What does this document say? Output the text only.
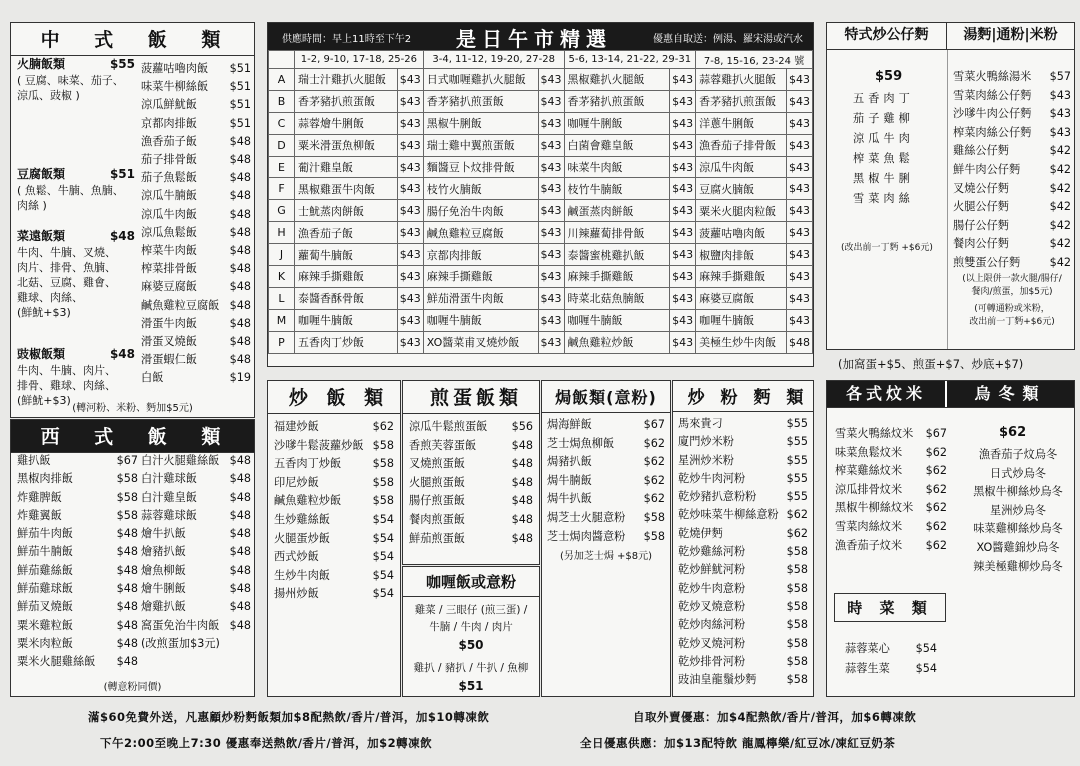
中 式 飯 類
火腩飯類	$55
( 豆腐、味菜、茄子、
涼瓜、豉椒 )
豆腐飯類	$51
( 魚鬆、牛腩、魚腩、
肉絲 )
菜遠飯類	$48
牛肉、牛腩、叉燒、
肉片、排骨、魚腩、
北菇、豆腐、雞會、
雞球、肉絲、
(鮮魷+$3)
豉椒飯類	$48
牛肉、牛腩、肉片、
排骨、雞球、肉絲、
(鮮魷+$3)
菠蘿咕嚕肉飯 $51
味菜牛柳絲飯 $51
涼瓜鮮魷飯	$51
京都肉排飯	$51
漁香茄子飯	$48
茄子排骨飯	$48
茄子魚鬆飯	$48
涼瓜牛腩飯	$48
涼瓜牛肉飯	$48
涼瓜魚鬆飯	$48
榨菜牛肉飯	$48
榨菜排骨飯	$48
麻婆豆腐飯	$48
鹹魚雞粒豆腐飯 $48
滑蛋牛肉飯	$48
滑蛋叉燒飯	$48
滑蛋蝦仁飯	$48
白飯	$19
(轉河粉、米粉、麪加$5元)
西 式 飯 類
雞扒飯	$67
黑椒肉排飯	$58
炸雞脾飯	$58
炸雞翼飯	$58
鮮茄牛肉飯	$48
鮮茄牛腩飯	$48
鮮茄雞絲飯	$48
鮮茄雞球飯	$48
鮮茄叉燒飯	$48
粟米雞粒飯	$48
粟米肉粒飯	$48
粟米火腿雞絲飯 $48
白汁火腿雞絲飯 $48
白汁雞球飯	$48
白汁雞皇飯	$48
蒜蓉雞球飯	$48
燴牛扒飯	$48
燴豬扒飯	$48
燴魚柳飯	$48
燴牛脷飯	$48
燴雞扒飯	$48
窩蛋免治牛肉飯 $48
(改煎蛋加$3元)
(轉意粉同價)
供應時間：早上11時至下午2 是日午市精選	優惠自取送：例湯、羅宋湯或汽水
	1-2, 9-10, 17-18, 25-26		3-4, 11-12, 19-20, 27-28		5-6, 13-14, 21-22, 29-31		7-8, 15-16, 23-24 號	
A	瑞士汁雞扒火腿飯	$43	日式咖喱雞扒火腿飯	$43	黑椒雞扒火腿飯	$43	蒜蓉雞扒火腿飯	$43
B	香茅豬扒煎蛋飯	$43	香茅豬扒煎蛋飯	$43	香茅豬扒煎蛋飯	$43	香茅豬扒煎蛋飯	$43
C	蒜蓉燴牛脷飯	$43	黑椒牛脷飯	$43	咖喱牛脷飯	$43	洋蔥牛脷飯	$43
D	粟米滑蛋魚柳飯	$43	瑞士雞中翼煎蛋飯	$43	白菌會雞皇飯	$43	漁香茄子排骨飯	$43
E	葡汁雞皇飯	$43	麵醬豆卜炆排骨飯	$43	味菜牛肉飯	$43	涼瓜牛肉飯	$43
F	黑椒雞蛋牛肉飯	$43	枝竹火腩飯	$43	枝竹牛腩飯	$43	豆腐火腩飯	$43
G	士魷蒸肉餅飯	$43	腸仔免治牛肉飯	$43	鹹蛋蒸肉餅飯	$43	粟米火腿肉粒飯	$43
H	漁香茄子飯	$43	鹹魚雞粒豆腐飯	$43	川辣蘿蔔排骨飯	$43	菠蘿咕嚕肉飯	$43
J	蘿蔔牛腩飯	$43	京都肉排飯	$43	泰醬蜜桃雞扒飯	$43	椒鹽肉排飯	$43
K	麻辣手撕雞飯	$43	麻辣手撕雞飯	$43	麻辣手撕雞飯	$43	麻辣手撕雞飯	$43
L	泰醬香酥骨飯	$43	鮮茄滑蛋牛肉飯	$43	時菜北菇魚腩飯	$43	麻婆豆腐飯	$43
M	咖喱牛腩飯	$43	咖喱牛腩飯	$43	咖喱牛腩飯	$43	咖喱牛腩飯	$43
P	五香肉丁炒飯	$43	XO醬菜甫叉燒炒飯	$43	鹹魚雞粒炒飯	$43	美極生炒牛肉飯	$48
炒 飯 類
福建炒飯	$62
沙嗲牛鬆菠蘿炒飯 $58
五香肉丁炒飯	$58
印尼炒飯	$58
鹹魚雞粒炒飯	$58
生炒雞絲飯	$54
火腿蛋炒飯	$54
西式炒飯	$54
生炒牛肉飯	$54
揚州炒飯	$54
煎蛋飯類
涼瓜牛鬆煎蛋飯 $56
香煎芙蓉蛋飯	$48
叉燒煎蛋飯	$48
火腿煎蛋飯	$48
腸仔煎蛋飯	$48
餐肉煎蛋飯	$48
鮮茄煎蛋飯	$48
咖喱飯或意粉
雞菜 / 三眼仔 (煎三蛋) /
牛腩 / 牛肉 / 肉片
$50
雞扒 / 豬扒 / 牛扒 / 魚柳
$51
焗飯類(意粉)
焗海鮮飯	$67
芝士焗魚柳飯	$62
焗豬扒飯	$62
焗牛腩飯	$62
焗牛扒飯	$62
焗芝士火腿意粉 $58
芝士焗肉醬意粉 $58
(另加芝士焗 +$8元)
炒 粉 麪 類
馬來貴刁	$55
廈門炒米粉	$55
星洲炒米粉	$55
乾炒牛肉河粉	$55
乾炒豬扒意粉粉	$55
乾炒味菜牛柳絲意粉 $62
乾燒伊麪	$62
乾炒雞絲河粉	$58
乾炒鮮魷河粉	$58
乾炒牛肉意粉	$58
乾炒叉燒意粉	$58
乾炒肉絲河粉	$58
乾炒叉燒河粉	$58
乾炒排骨河粉	$58
豉油皇龍鬚炒麪	$58
特式炒公仔麪	湯麪|通粉|米粉
$59
五香肉丁
茄子雞柳
涼瓜牛肉
榨菜魚鬆
黑椒牛脷
雪菜肉絲
(改出前一丁麪 +$6元)
雪菜火鴨絲湯米 $57
雪菜肉絲公仔麪 $43
沙嗲牛肉公仔麪 $43
榨菜肉絲公仔麪 $43
雞絲公仔麪	$42
鮮牛肉公仔麪	$42
叉燒公仔麪	$42
火腿公仔麪	$42
腸仔公仔麪	$42
餐肉公仔麪	$42
煎雙蛋公仔麪	$42
(以上限併一款火腿/腸仔/
餐肉/煎蛋，加$5元)
(可轉通粉或米粉，
改出前一丁麪+$6元)
(加窩蛋+$5、煎蛋+$7、炒底+$7)
各式炆米	烏冬類
雪菜火鴨絲炆米 $67
味菜魚鬆炆米 $62
榨菜雞絲炆米 $62
涼瓜排骨炆米 $62
黑椒牛柳絲炆米 $62
雪菜肉絲炆米 $62
漁香茄子炆米 $62
$62
漁香茄子炆烏冬
日式炒烏冬
黑椒牛柳絲炒烏冬
星洲炒烏冬
味菜雞柳絲炒烏冬
XO醬雞錦炒烏冬
辣美極雞柳炒烏冬
時 菜 類
蒜蓉菜心 $54
蒜蓉生菜 $54
滿$60免費外送，凡惠顧炒粉麪飯類加$8配熱飲/香片/普洱，加$10轉凍飲
下午2:00至晚上7:30 優惠奉送熱飲/香片/普洱，加$2轉凍飲
自取外賣優惠：加$4配熱飲/香片/普洱，加$6轉凍飲
全日優惠供應：加$13配特飲 龍鳳檸樂/紅豆冰/凍紅豆奶茶
